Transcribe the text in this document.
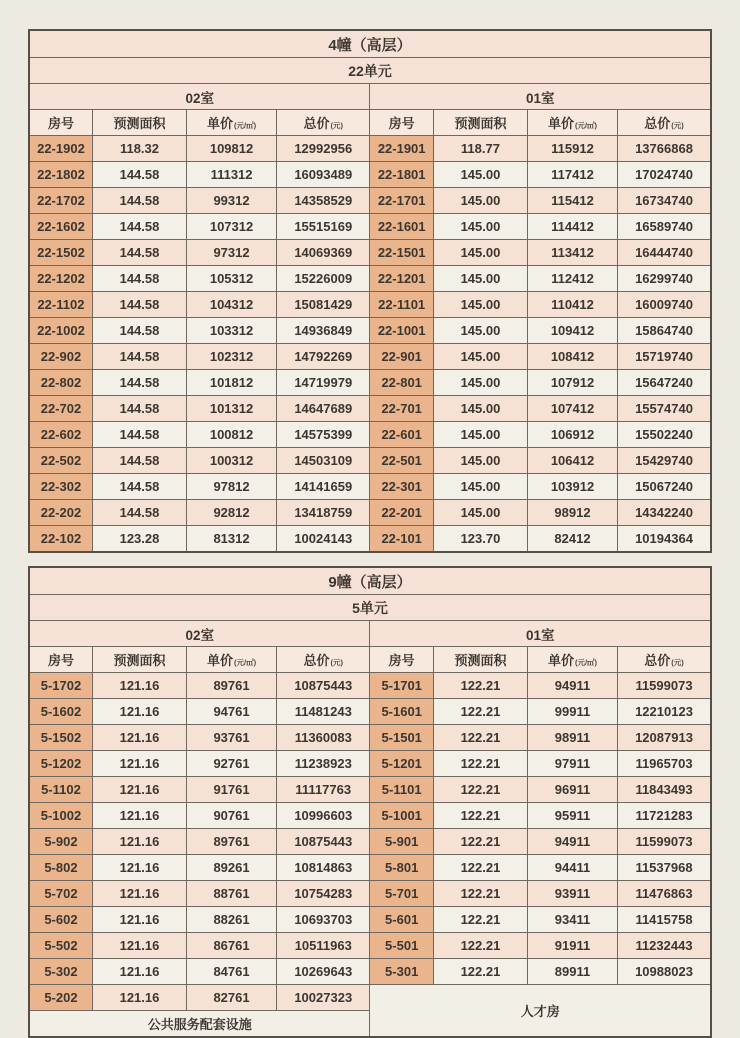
4幢（高层）							
22单元							
02室				01室			
房号	预测面积	单价(元/㎡)	总价(元)	房号	预测面积	单价(元/㎡)	总价(元)
22-1902	118.32	109812	12992956	22-1901	118.77	115912	13766868
22-1802	144.58	111312	16093489	22-1801	145.00	117412	17024740
22-1702	144.58	99312	14358529	22-1701	145.00	115412	16734740
22-1602	144.58	107312	15515169	22-1601	145.00	114412	16589740
22-1502	144.58	97312	14069369	22-1501	145.00	113412	16444740
22-1202	144.58	105312	15226009	22-1201	145.00	112412	16299740
22-1102	144.58	104312	15081429	22-1101	145.00	110412	16009740
22-1002	144.58	103312	14936849	22-1001	145.00	109412	15864740
22-902	144.58	102312	14792269	22-901	145.00	108412	15719740
22-802	144.58	101812	14719979	22-801	145.00	107912	15647240
22-702	144.58	101312	14647689	22-701	145.00	107412	15574740
22-602	144.58	100812	14575399	22-601	145.00	106912	15502240
22-502	144.58	100312	14503109	22-501	145.00	106412	15429740
22-302	144.58	97812	14141659	22-301	145.00	103912	15067240
22-202	144.58	92812	13418759	22-201	145.00	98912	14342240
22-102	123.28	81312	10024143	22-101	123.70	82412	10194364
9幢（高层）							
5单元							
02室				01室			
房号	预测面积	单价(元/㎡)	总价(元)	房号	预测面积	单价(元/㎡)	总价(元)
5-1702	121.16	89761	10875443	5-1701	122.21	94911	11599073
5-1602	121.16	94761	11481243	5-1601	122.21	99911	12210123
5-1502	121.16	93761	11360083	5-1501	122.21	98911	12087913
5-1202	121.16	92761	11238923	5-1201	122.21	97911	11965703
5-1102	121.16	91761	11117763	5-1101	122.21	96911	11843493
5-1002	121.16	90761	10996603	5-1001	122.21	95911	11721283
5-902	121.16	89761	10875443	5-901	122.21	94911	11599073
5-802	121.16	89261	10814863	5-801	122.21	94411	11537968
5-702	121.16	88761	10754283	5-701	122.21	93911	11476863
5-602	121.16	88261	10693703	5-601	122.21	93411	11415758
5-502	121.16	86761	10511963	5-501	122.21	91911	11232443
5-302	121.16	84761	10269643	5-301	122.21	89911	10988023
5-202	121.16	82761	10027323	人才房			
公共服务配套设施							
